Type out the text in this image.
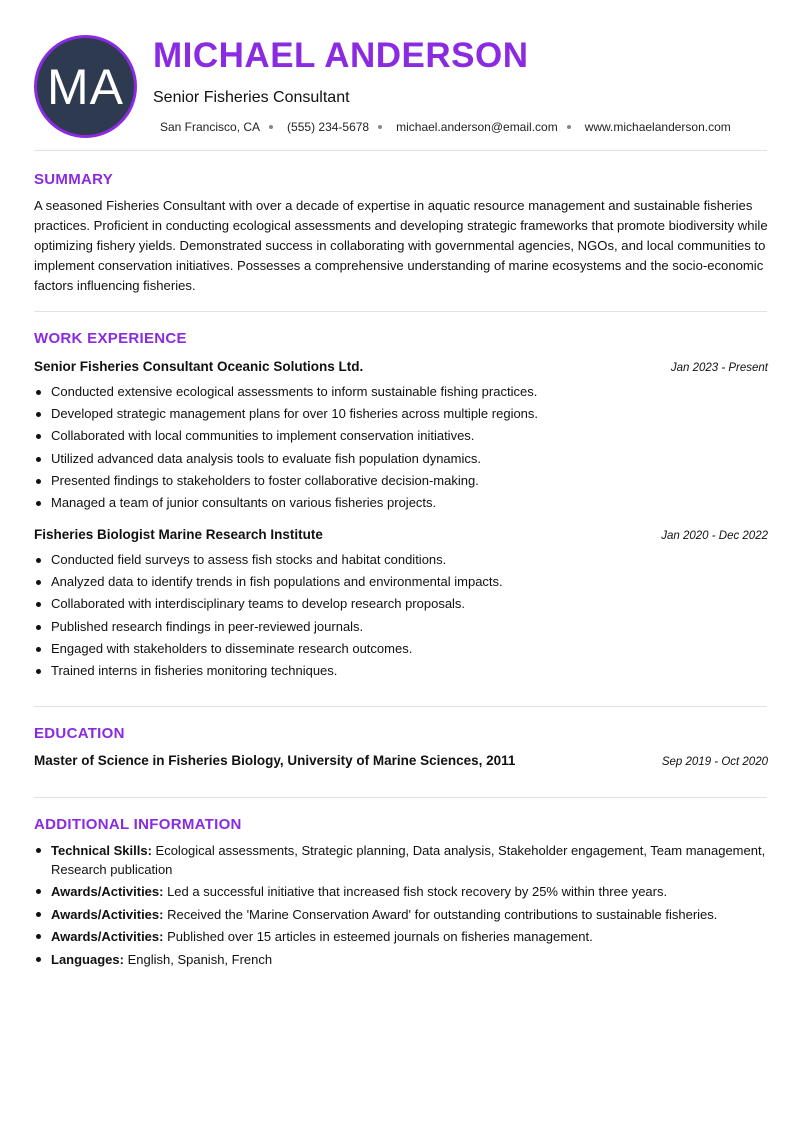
MA
MICHAEL ANDERSON
Senior Fisheries Consultant
San Francisco, CA (555) 234-5678 michael.anderson@email.com www.michaelanderson.com
SUMMARY

A seasoned Fisheries Consultant with over a decade of expertise in aquatic resource management and sustainable fisheries practices. Proficient in conducting ecological assessments and developing strategic frameworks that promote biodiversity while optimizing fishery yields. Demonstrated success in collaborating with governmental agencies, NGOs, and local communities to implement conservation initiatives. Possesses a comprehensive understanding of marine ecosystems and the socio-economic factors influencing fisheries.

WORK EXPERIENCE
Senior Fisheries Consultant Oceanic Solutions Ltd.	Jan 2023 - Present
Conducted extensive ecological assessments to inform sustainable fishing practices.
Developed strategic management plans for over 10 fisheries across multiple regions.
Collaborated with local communities to implement conservation initiatives.
Utilized advanced data analysis tools to evaluate fish population dynamics.
Presented findings to stakeholders to foster collaborative decision-making.
Managed a team of junior consultants on various fisheries projects.
Fisheries Biologist Marine Research Institute	Jan 2020 - Dec 2022
Conducted field surveys to assess fish stocks and habitat conditions.
Analyzed data to identify trends in fish populations and environmental impacts.
Collaborated with interdisciplinary teams to develop research proposals.
Published research findings in peer-reviewed journals.
Engaged with stakeholders to disseminate research outcomes.
Trained interns in fisheries monitoring techniques.
EDUCATION
Master of Science in Fisheries Biology, University of Marine Sciences, 2011	Sep 2019 - Oct 2020
ADDITIONAL INFORMATION
Technical Skills: Ecological assessments, Strategic planning, Data analysis, Stakeholder engagement, Team management, Research publication
Awards/Activities: Led a successful initiative that increased fish stock recovery by 25% within three years.
Awards/Activities: Received the 'Marine Conservation Award' for outstanding contributions to sustainable fisheries.
Awards/Activities: Published over 15 articles in esteemed journals on fisheries management.
Languages: English, Spanish, French
